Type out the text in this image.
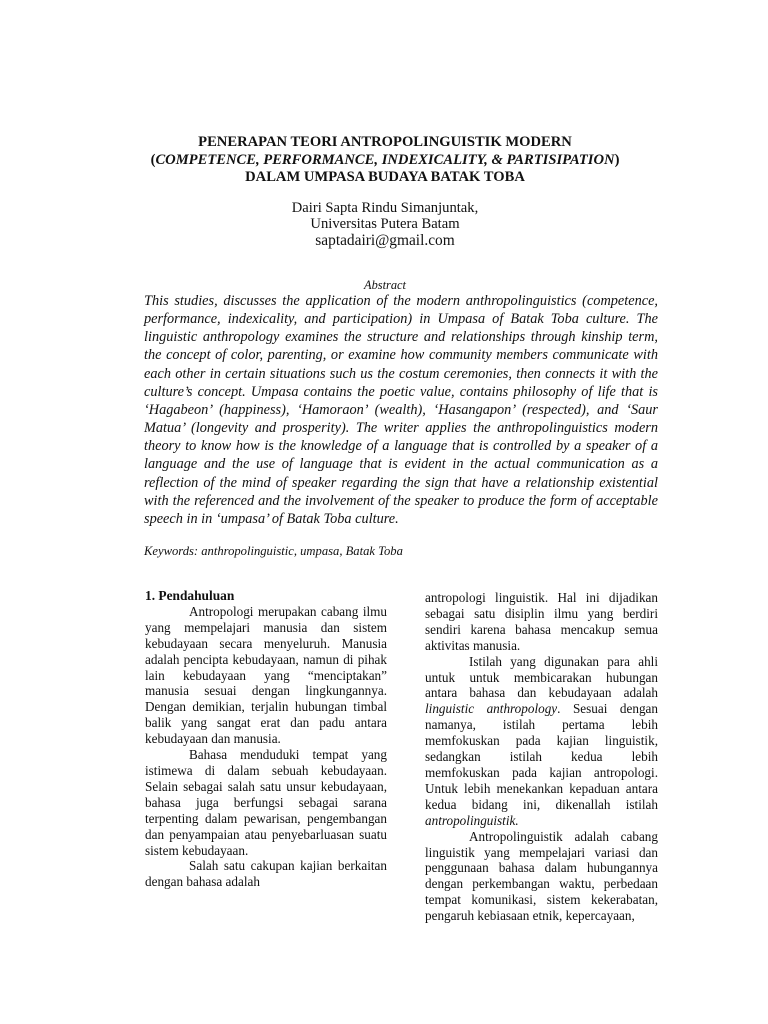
PENERAPAN TEORI ANTROPOLINGUISTIK MODERN (COMPETENCE, PERFORMANCE, INDEXICALITY, & PARTISIPATION) DALAM UMPASA BUDAYA BATAK TOBA
Dairi Sapta Rindu Simanjuntak,
Universitas Putera Batam
saptadairi@gmail.com
Abstract
This studies, discusses the application of the modern anthropolinguistics (competence, performance, indexicality, and participation) in Umpasa of Batak Toba culture. The linguistic anthropology examines the structure and relationships through kinship term, the concept of color, parenting, or examine how community members communicate with each other in certain situations such us the costum ceremonies, then connects it with the culture’s concept. Umpasa contains the poetic value, contains philosophy of life that is ‘Hagabeon’ (happiness), ‘Hamoraon’ (wealth), ‘Hasangapon’ (respected), and ‘Saur Matua’ (longevity and prosperity). The writer applies the anthropolinguistics modern theory to know how is the knowledge of a language that is controlled by a speaker of a language and the use of language that is evident in the actual communication as a reflection of the mind of speaker regarding the sign that have a relationship existential with the referenced and the involvement of the speaker to produce the form of acceptable speech in in ‘umpasa’ of Batak Toba culture.
Keywords: anthropolinguistic, umpasa, Batak Toba

1. Pendahuluan

Antropologi merupakan cabang ilmu yang mempelajari manusia dan sistem kebudayaan secara menyeluruh. Manusia adalah pencipta kebudayaan, namun di pihak lain kebudayaan yang “menciptakan” manusia sesuai dengan lingkungannya. Dengan demikian, terjalin hubungan timbal balik yang sangat erat dan padu antara kebudayaan dan manusia.

Bahasa menduduki tempat yang istimewa di dalam sebuah kebudayaan. Selain sebagai salah satu unsur kebudayaan, bahasa juga berfungsi sebagai sarana terpenting dalam pewarisan, pengembangan dan penyampaian atau penyebarluasan suatu sistem kebudayaan.

Salah satu cakupan kajian berkaitan dengan bahasa adalah

antropologi linguistik. Hal ini dijadikan sebagai satu disiplin ilmu yang berdiri sendiri karena bahasa mencakup semua aktivitas manusia.

Istilah yang digunakan para ahli untuk untuk membicarakan hubungan antara bahasa dan kebudayaan adalah linguistic anthropology. Sesuai dengan namanya, istilah pertama lebih memfokuskan pada kajian linguistik, sedangkan istilah kedua lebih memfokuskan pada kajian antropologi. Untuk lebih menekankan kepaduan antara kedua bidang ini, dikenallah istilah antropolinguistik.

Antropolinguistik adalah cabang linguistik yang mempelajari variasi dan penggunaan bahasa dalam hubungannya dengan perkembangan waktu, perbedaan tempat komunikasi, sistem kekerabatan, pengaruh kebiasaan etnik, kepercayaan,
